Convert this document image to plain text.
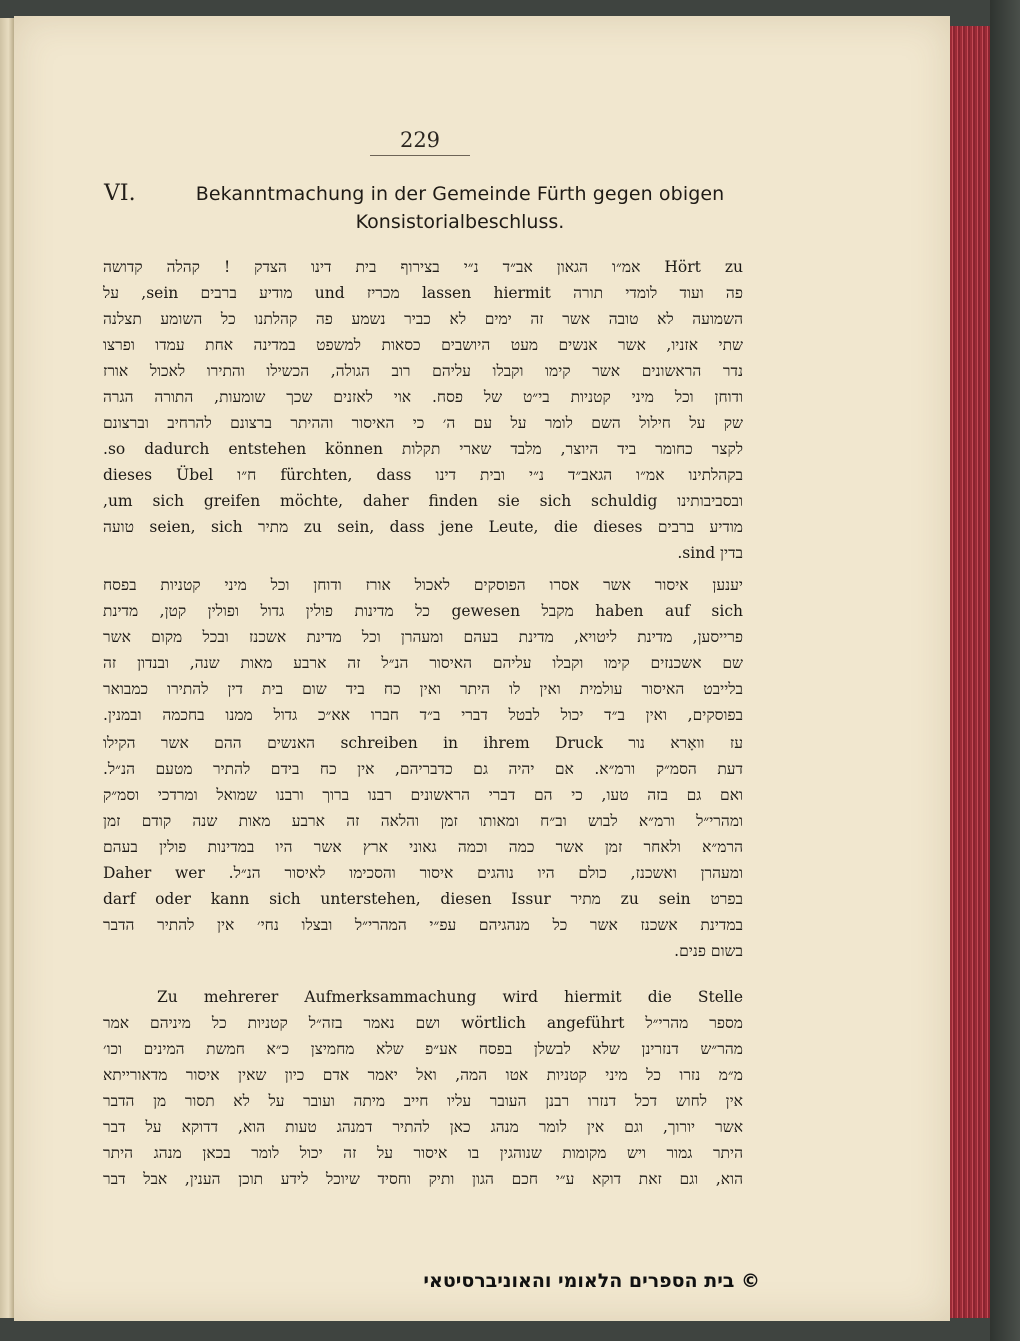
229
VI.	Bekanntmachung in der Gemeinde Fürth gegen obigen
Konsistorialbeschluss.
Hört zu אמ״ו הגאון אב״ד נ״י בצירוף בית דינו הצדק ! קהלה קדושה
פה ועוד לומדי תורה lassen hiermit מכריז und מודיע ברבים sein, על
השמועה לא טובה אשר זה ימים לא כביר נשמע פה קהלתנו כל השומע תצלנה
שתי אזניו, אשר אנשים מעט היושבים כסאות למשפט במדינה אחת עמדו ופרצו
נדר הראשונים אשר קימו וקבלו עליהם רוב הגולה, הכשילו והתירו לאכול אורז
ודוחן וכל מיני קטניות בי״ט של פסח. אוי לאזנים שכך שומעות, התורה הגרה
שק על חילול השם לומר על עם ה׳ כי האיסור וההיתר ברצונם להרחיב וברצונם
לקצר כחומר ביד היוצר, מלבד שארי תקלות so dadurch entstehen können.
בקהלתינו אמ״ו הגאב״ד נ״י ובית דינו fürchten, dass ח״ו dieses Übel
ובסביבותינו um sich greifen möchte, daher finden sie sich schuldig,
מודיע ברבים zu sein, dass jene Leute, die dieses מתיר seien, sich טועה
בדין sind.
יענען איסור אשר אסרו הפוסקים לאכול אורז ודוחן וכל מיני קטניות בפסח
haben auf sich מקבל gewesen כל מדינות פולין גדול ופולין קטן, מדינת
פרייסען, מדינת ליטויא, מדינת בעהם ומעהרן וכל מדינת אשכנז ובכל מקום אשר
שם אשכנזים קימו וקבלו עליהם האיסור הנ״ל זה ארבע מאות שנה, ובנדון זה
בלייבט האיסור עולמית ואין לו היתר ואין כח ביד שום בית דין להתירו כמבואר
בפוסקים, ואין ב״ד יכול לבטל דברי ב״ד חברו אא״כ גדול ממנו בחכמה ובמנין.
עז וואָרא נור schreiben in ihrem Druck האנשים ההם אשר הקילו
דעת הסמ״ק ורמ״א. אם יהיה גם כדבריהם, אין כח בידם להתיר מטעם הנ״ל.
ואם גם בזה טעו, כי הם דברי הראשונים רבנו ברוך ורבנו שמואל ומרדכי וסמ״ק
ומהרי״ל ורמ״א לבוש וב״ח ומאותו זמן והלאה זה ארבע מאות שנה קודם זמן
הרמ״א ולאחר זמן אשר כמה וכמה גאוני ארץ אשר היו במדינות פולין בעהם
ומעהרן ואשכנז, כולם היו נוהגים איסור והסכימו לאיסור הנ״ל. Daher wer
darf oder kann sich unterstehen, diesen Issur מתיר zu sein בפרט
במדינת אשכנז אשר כל מנהגיהם עפ״י המהרי״ל ובצלו נחי׳ אין להתיר הדבר
בשום פנים.
Zu mehrerer Aufmerksammachung wird hiermit die Stelle
מספר מהרי״ל wörtlich angeführt ושם נאמר בזה״ל קטניות כל מיניהם אמר
מהר״ש דנזרינן שלא לבשלן בפסח אע״פ שלא מחמיצן כ״א חמשת המינים וכו׳
מ״מ נזרו כל מיני קטניות אטו המה, ואל יאמר אדם כיון שאין איסור מדאורייתא
אין לחוש דכל דנזרו רבנן העובר עליו חייב מיתה ועובר על לא תסור מן הדבר
אשר יורוך, וגם אין לומר מנהג כאן להתיר דמנהג טעות הוא, דדוקא על דבר
היתר גמור ויש מקומות שנוהגין בו איסור על זה יכול לומר בכאן מנהג היתר
הוא, וגם זאת דוקא ע״י חכם הגון ותיק וחסיד שיוכל לידע תוכן הענין, אבל דבר
© בית הספרים הלאומי והאוניברסיטאי
